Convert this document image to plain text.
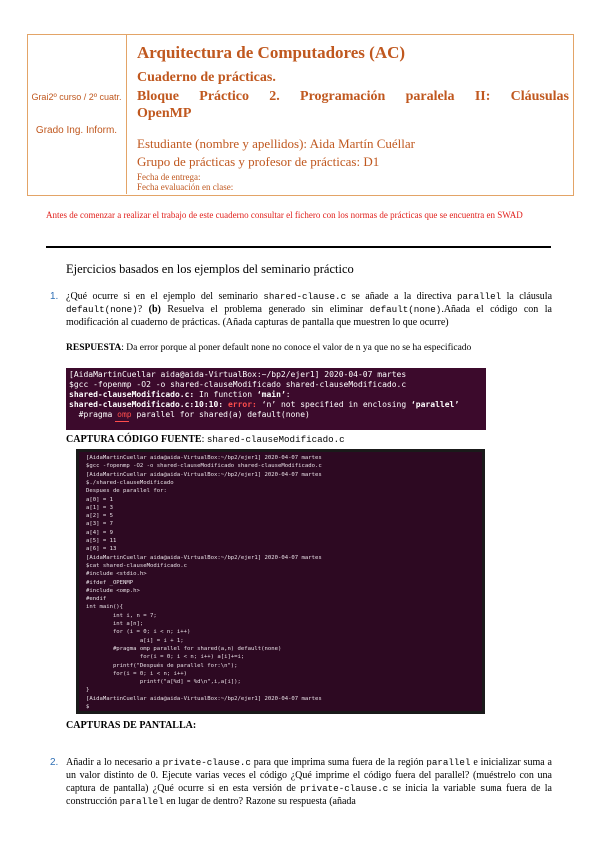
Grai2º curso / 2º cuatr.
Grado Ing. Inform.
Arquitectura de Computadores (AC)
Cuaderno de prácticas.
Bloque Práctico 2. Programación paralela II: Cláusulas
OpenMP
Estudiante (nombre y apellidos): Aida Martín Cuéllar
Grupo de prácticas y profesor de prácticas: D1
Fecha de entrega:
Fecha evaluación en clase:
Antes de comenzar a realizar el trabajo de este cuaderno consultar el fichero con los normas de prácticas que se encuentra en SWAD
Ejercicios basados en los ejemplos del seminario práctico
1. ¿Qué ocurre si en el ejemplo del seminario shared-clause.c se añade a la directiva parallel la cláusula default(none)? (b) Resuelva el problema generado sin eliminar default(none).Añada el código con la modificación al cuaderno de prácticas. (Añada capturas de pantalla que muestren lo que ocurre)
RESPUESTA: Da error porque al poner default none no conoce el valor de n ya que no se ha especificado
[AidaMartinCuellar aida@aida-VirtualBox:~/bp2/ejer1] 2020-04-07 martes
$gcc -fopenmp -O2 -o shared-clauseModificado shared-clauseModificado.c
shared-clauseModificado.c: In function ‘main’:
shared-clauseModificado.c:10:10: error: ‘n’ not specified in enclosing ‘parallel’
#pragma omp parallel for shared(a) default(none)
CAPTURA CÓDIGO FUENTE: shared-clauseModificado.c
[AidaMartinCuellar aida@aida-VirtualBox:~/bp2/ejer1] 2020-04-07 martes
$gcc -fopenmp -O2 -o shared-clauseModificado shared-clauseModificado.c
[AidaMartinCuellar aida@aida-VirtualBox:~/bp2/ejer1] 2020-04-07 martes
$./shared-clauseModificado
Despues de parallel for:
a[0] = 1
a[1] = 3
a[2] = 5
a[3] = 7
a[4] = 9
a[5] = 11
a[6] = 13
[AidaMartinCuellar aida@aida-VirtualBox:~/bp2/ejer1] 2020-04-07 martes
$cat shared-clauseModificado.c
#include <stdio.h>
#ifdef _OPENMP
#include <omp.h>
#endif
int main(){
int i, n = 7;
int a[n];
for (i = 0; i < n; i++)
a[i] = i + 1;
#pragma omp parallel for shared(a,n) default(none)
for(i = 0; i < n; i++) a[i]+=i;
printf("Después de parallel for:\n");
for(i = 0; i < n; i++)
printf("a[%d] = %d\n",i,a[i]);
}
[AidaMartinCuellar aida@aida-VirtualBox:~/bp2/ejer1] 2020-04-07 martes
$
CAPTURAS DE PANTALLA:
2. Añadir a lo necesario a private-clause.c para que imprima suma fuera de la región parallel e inicializar suma a un valor distinto de 0. Ejecute varias veces el código ¿Qué imprime el código fuera del parallel? (muéstrelo con una captura de pantalla) ¿Qué ocurre si en esta versión de private-clause.c se inicia la variable suma fuera de la construcción parallel en lugar de dentro? Razone su respuesta (añada
